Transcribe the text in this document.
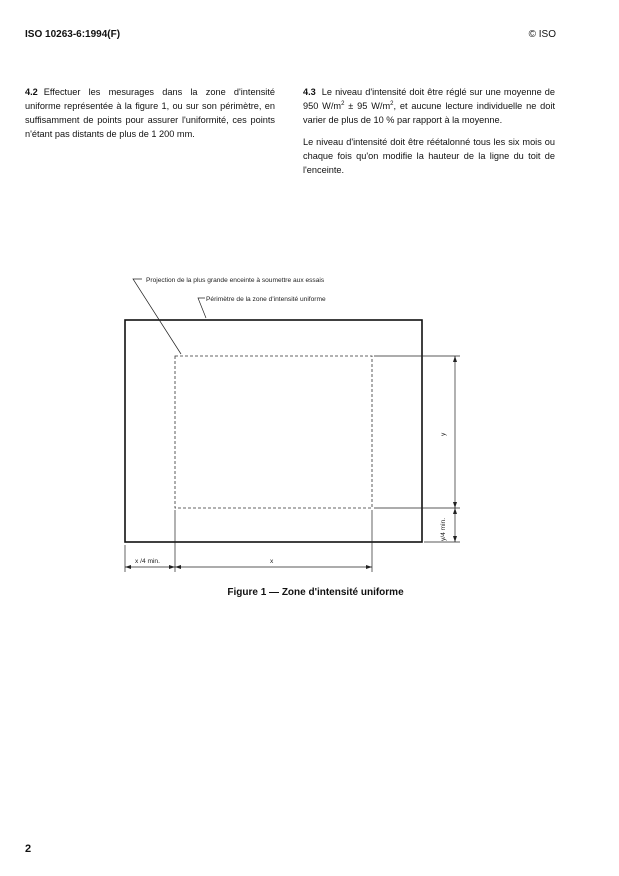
ISO 10263-6:1994(F)	© ISO

4.2 Effectuer les mesurages dans la zone d'intensité uniforme représentée à la figure 1, ou sur son périmètre, en suffisamment de points pour assurer l'uniformité, ces points n'étant pas distants de plus de 1 200 mm.

4.3 Le niveau d'intensité doit être réglé sur une moyenne de 950 $W/m^2 \pm 95$ $W/m^2$, et aucune lecture individuelle ne doit varier de plus de 10 % par rapport à la moyenne.

Le niveau d'intensité doit être réétalonné tous les six mois ou chaque fois qu'on modifie la hauteur de la ligne du toit de l'enceinte.

Projection de la plus grande enceinte à soumettre aux essais
Périmètre de la zone d'intensité uniforme
x /4 min.	x
y
y/4 min.
Figure 1 — Zone d'intensité uniforme
2
